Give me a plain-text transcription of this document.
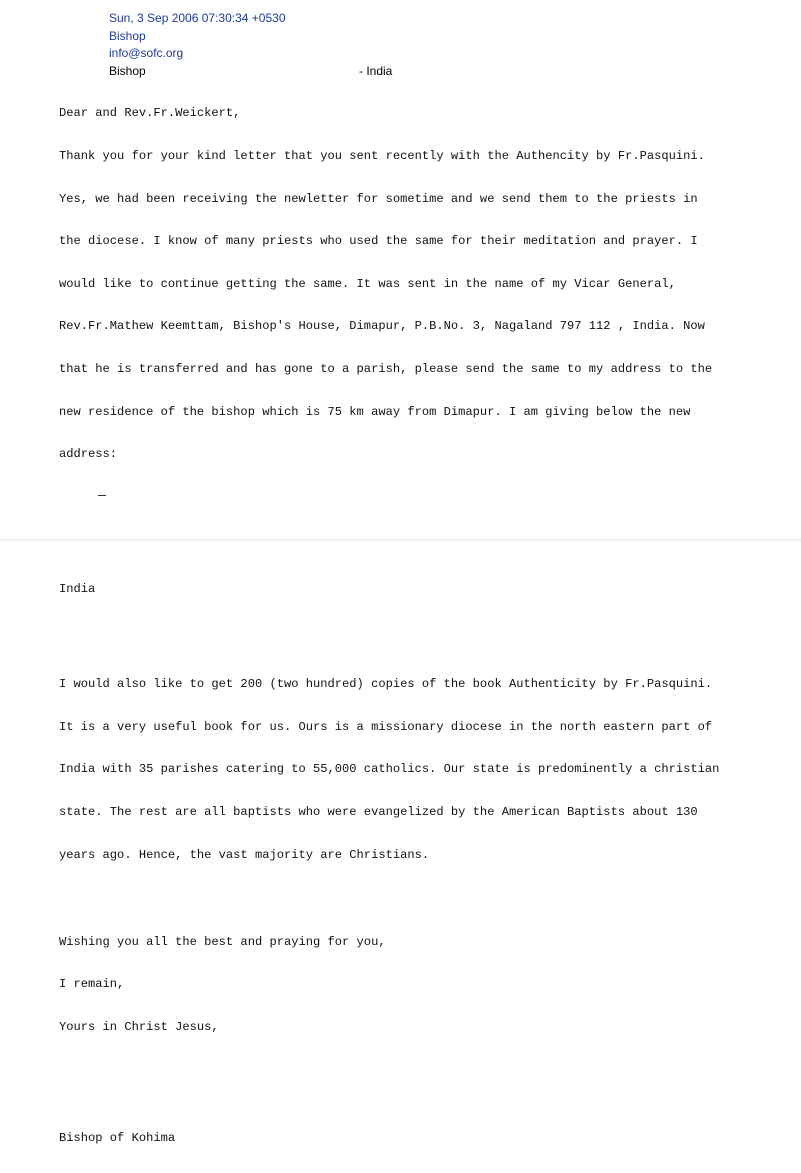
Sun, 3 Sep 2006 07:30:34 +0530
Bishop
info@sofc.org
Bishop	- India

Dear and Rev.Fr.Weickert,

Thank you for your kind letter that you sent recently with the Authencity by Fr.Pasquini.

Yes, we had been receiving the newletter for sometime and we send them to the priests in

the diocese. I know of many priests who used the same for their meditation and prayer. I

would like to continue getting the same. It was sent in the name of my Vicar General,

Rev.Fr.Mathew Keemttam, Bishop's House, Dimapur, P.B.No. 3, Nagaland 797 112 , India. Now

that he is transferred and has gone to a parish, please send the same to my address to the

new residence of the bishop which is 75 km away from Dimapur. I am giving below the new

address:

India

I would also like to get 200 (two hundred) copies of the book Authenticity by Fr.Pasquini.

It is a very useful book for us. Ours is a missionary diocese in the north eastern part of

India with 35 parishes catering to 55,000 catholics. Our state is predominently a christian

state. The rest are all baptists who were evangelized by the American Baptists about 130

years ago. Hence, the vast majority are Christians.

Wishing you all the best and praying for you,

I remain,

Yours in Christ Jesus,

Bishop of Kohima
